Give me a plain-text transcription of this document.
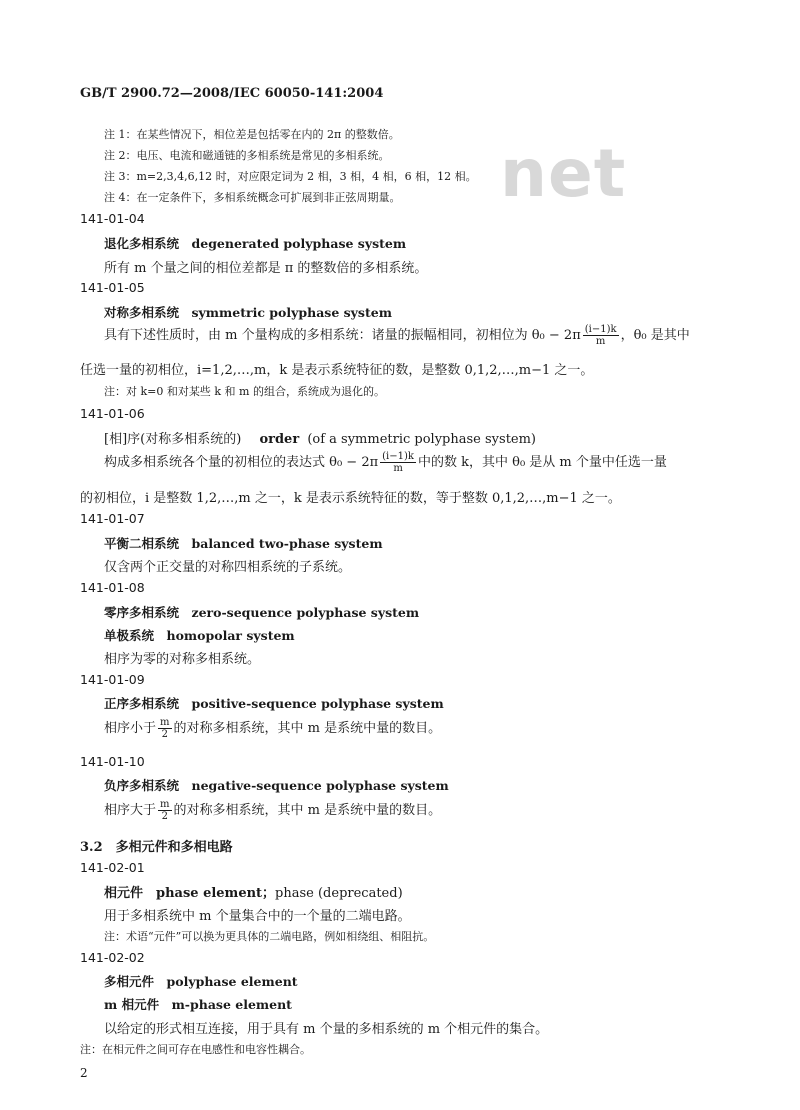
GB/T 2900.72—2008/IEC 60050-141:2004
net
注 1：在某些情况下，相位差是包括零在内的 2π 的整数倍。
注 2：电压、电流和磁通链的多相系统是常见的多相系统。
注 3：m=2,3,4,6,12 时，对应限定词为 2 相，3 相，4 相，6 相，12 相。
注 4：在一定条件下，多相系统概念可扩展到非正弦周期量。
141-01-04
退化多相系统　degenerated polyphase system
所有 m 个量之间的相位差都是 π 的整数倍的多相系统。
141-01-05
对称多相系统　symmetric polyphase system
具有下述性质时，由 m 个量构成的多相系统：诸量的振幅相同，初相位为 $\theta_0 - 2\pi \frac{(i-1)k}{m}$ ，θ₀ 是其中
任选一量的初相位，i=1,2,…,m，k 是表示系统特征的数，是整数 0,1,2,…,m−1 之一。
注：对 k=0 和对某些 k 和 m 的组合，系统成为退化的。
141-01-06
[相]序(对称多相系统的) order (of a symmetric polyphase system)
构成多相系统各个量的初相位的表达式 $\theta_0 - 2\pi \frac{(i-1)k}{m}$ 中的数 k，其中 θ₀ 是从 m 个量中任选一量
的初相位，i 是整数 1,2,…,m 之一，k 是表示系统特征的数，等于整数 0,1,2,…,m−1 之一。
141-01-07
平衡二相系统　balanced two-phase system
仅含两个正交量的对称四相系统的子系统。
141-01-08
零序多相系统　zero-sequence polyphase system
单极系统　homopolar system
相序为零的对称多相系统。
141-01-09
正序多相系统　positive-sequence polyphase system
相序小于 $\frac{m}{2}$ 的对称多相系统，其中 m 是系统中量的数目。
141-01-10
负序多相系统　negative-sequence polyphase system
相序大于 $\frac{m}{2}$ 的对称多相系统，其中 m 是系统中量的数目。
3.2　多相元件和多相电路
141-02-01
相元件　phase element；phase (deprecated)
用于多相系统中 m 个量集合中的一个量的二端电路。
注：术语“元件”可以换为更具体的二端电路，例如相绕组、相阻抗。
141-02-02
多相元件　polyphase element
m 相元件　m-phase element
以给定的形式相互连接，用于具有 m 个量的多相系统的 m 个相元件的集合。
注：在相元件之间可存在电感性和电容性耦合。
2
